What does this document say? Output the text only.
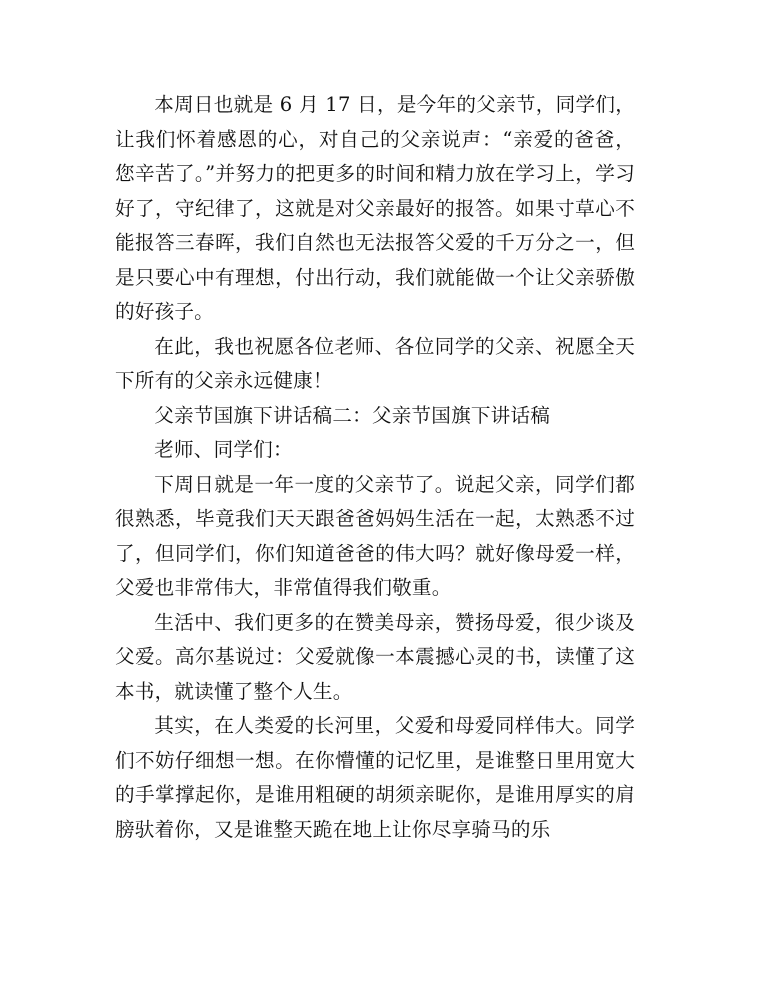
本周日也就是 6 月 17 日，是今年的父亲节，同学们，让我们怀着感恩的心，对自己的父亲说声：“亲爱的爸爸，您辛苦了。”并努力的把更多的时间和精力放在学习上，学习好了，守纪律了，这就是对父亲最好的报答。如果寸草心不能报答三春晖，我们自然也无法报答父爱的千万分之一，但是只要心中有理想，付出行动，我们就能做一个让父亲骄傲的好孩子。

在此，我也祝愿各位老师、各位同学的父亲、祝愿全天下所有的父亲永远健康！

父亲节国旗下讲话稿二：父亲节国旗下讲话稿

老师、同学们：

下周日就是一年一度的父亲节了。说起父亲，同学们都很熟悉，毕竟我们天天跟爸爸妈妈生活在一起，太熟悉不过了，但同学们，你们知道爸爸的伟大吗？就好像母爱一样，父爱也非常伟大，非常值得我们敬重。

生活中、我们更多的在赞美母亲，赞扬母爱，很少谈及父爱。高尔基说过：父爱就像一本震撼心灵的书，读懂了这本书，就读懂了整个人生。

其实，在人类爱的长河里，父爱和母爱同样伟大。同学们不妨仔细想一想。在你懵懂的记忆里，是谁整日里用宽大的手掌撑起你，是谁用粗硬的胡须亲昵你，是谁用厚实的肩膀驮着你，又是谁整天跪在地上让你尽享骑马的乐
